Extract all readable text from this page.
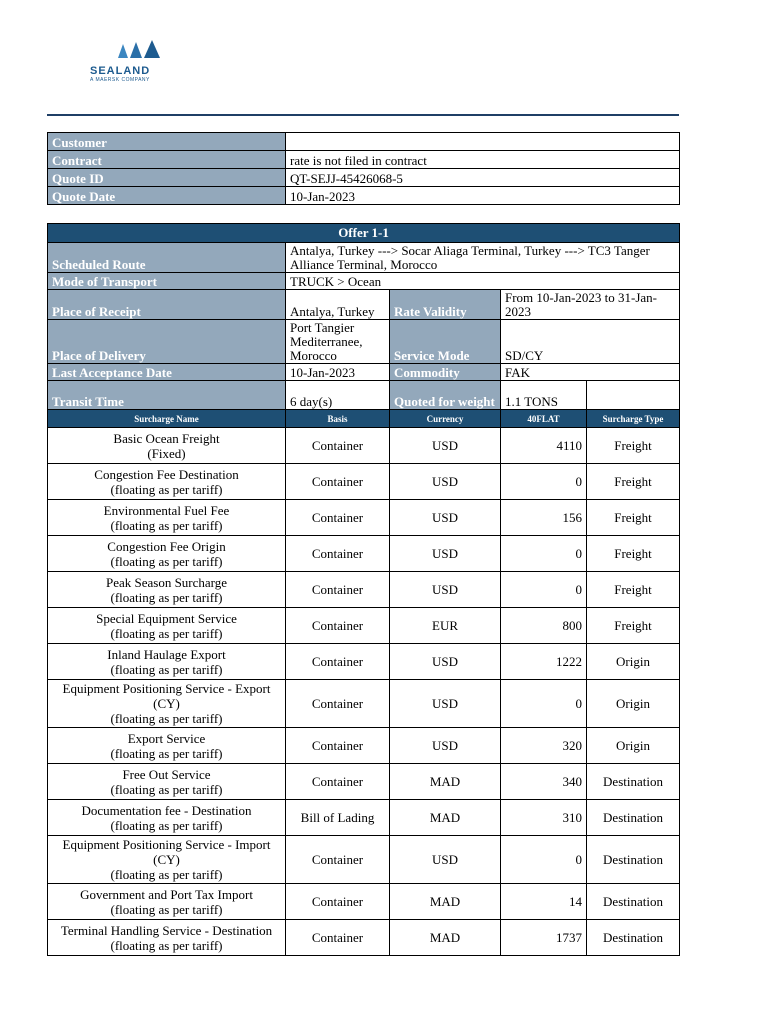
SEALAND
A MAERSK COMPANY
Customer	
Contract	rate is not filed in contract
Quote ID	QT-SEJJ-45426068-5
Quote Date	10-Jan-2023
Offer 1-1				
Scheduled Route	Antalya, Turkey ---> Socar Aliaga Terminal, Turkey ---> TC3 Tanger Alliance Terminal, Morocco			
Mode of Transport	TRUCK > Ocean			
Place of Receipt	Antalya, Turkey	Rate Validity	From 10-Jan-2023 to 31-Jan-2023	
Place of Delivery	Port Tangier Mediterranee, Morocco	Service Mode	SD/CY	
Last Acceptance Date	10-Jan-2023	Commodity	FAK	
Transit Time	6 day(s)	Quoted for weight	1.1 TONS	
Surcharge Name	Basis	Currency	40FLAT	Surcharge Type

Basic Ocean Freight
(Fixed)	Container	USD	4110	Freight

Congestion Fee Destination
(floating as per tariff)	Container	USD	0	Freight

Environmental Fuel Fee
(floating as per tariff)	Container	USD	156	Freight

Congestion Fee Origin
(floating as per tariff)	Container	USD	0	Freight

Peak Season Surcharge
(floating as per tariff)	Container	USD	0	Freight

Special Equipment Service
(floating as per tariff)	Container	EUR	800	Freight

Inland Haulage Export
(floating as per tariff)	Container	USD	1222	Origin

Equipment Positioning Service - Export (CY)
(floating as per tariff)	Container	USD	0	Origin

Export Service
(floating as per tariff)	Container	USD	320	Origin

Free Out Service
(floating as per tariff)	Container	MAD	340	Destination

Documentation fee - Destination
(floating as per tariff)	Bill of Lading	MAD	310	Destination

Equipment Positioning Service - Import (CY)
(floating as per tariff)	Container	USD	0	Destination

Government and Port Tax Import
(floating as per tariff)	Container	MAD	14	Destination

Terminal Handling Service - Destination
(floating as per tariff)	Container	MAD	1737	Destination
